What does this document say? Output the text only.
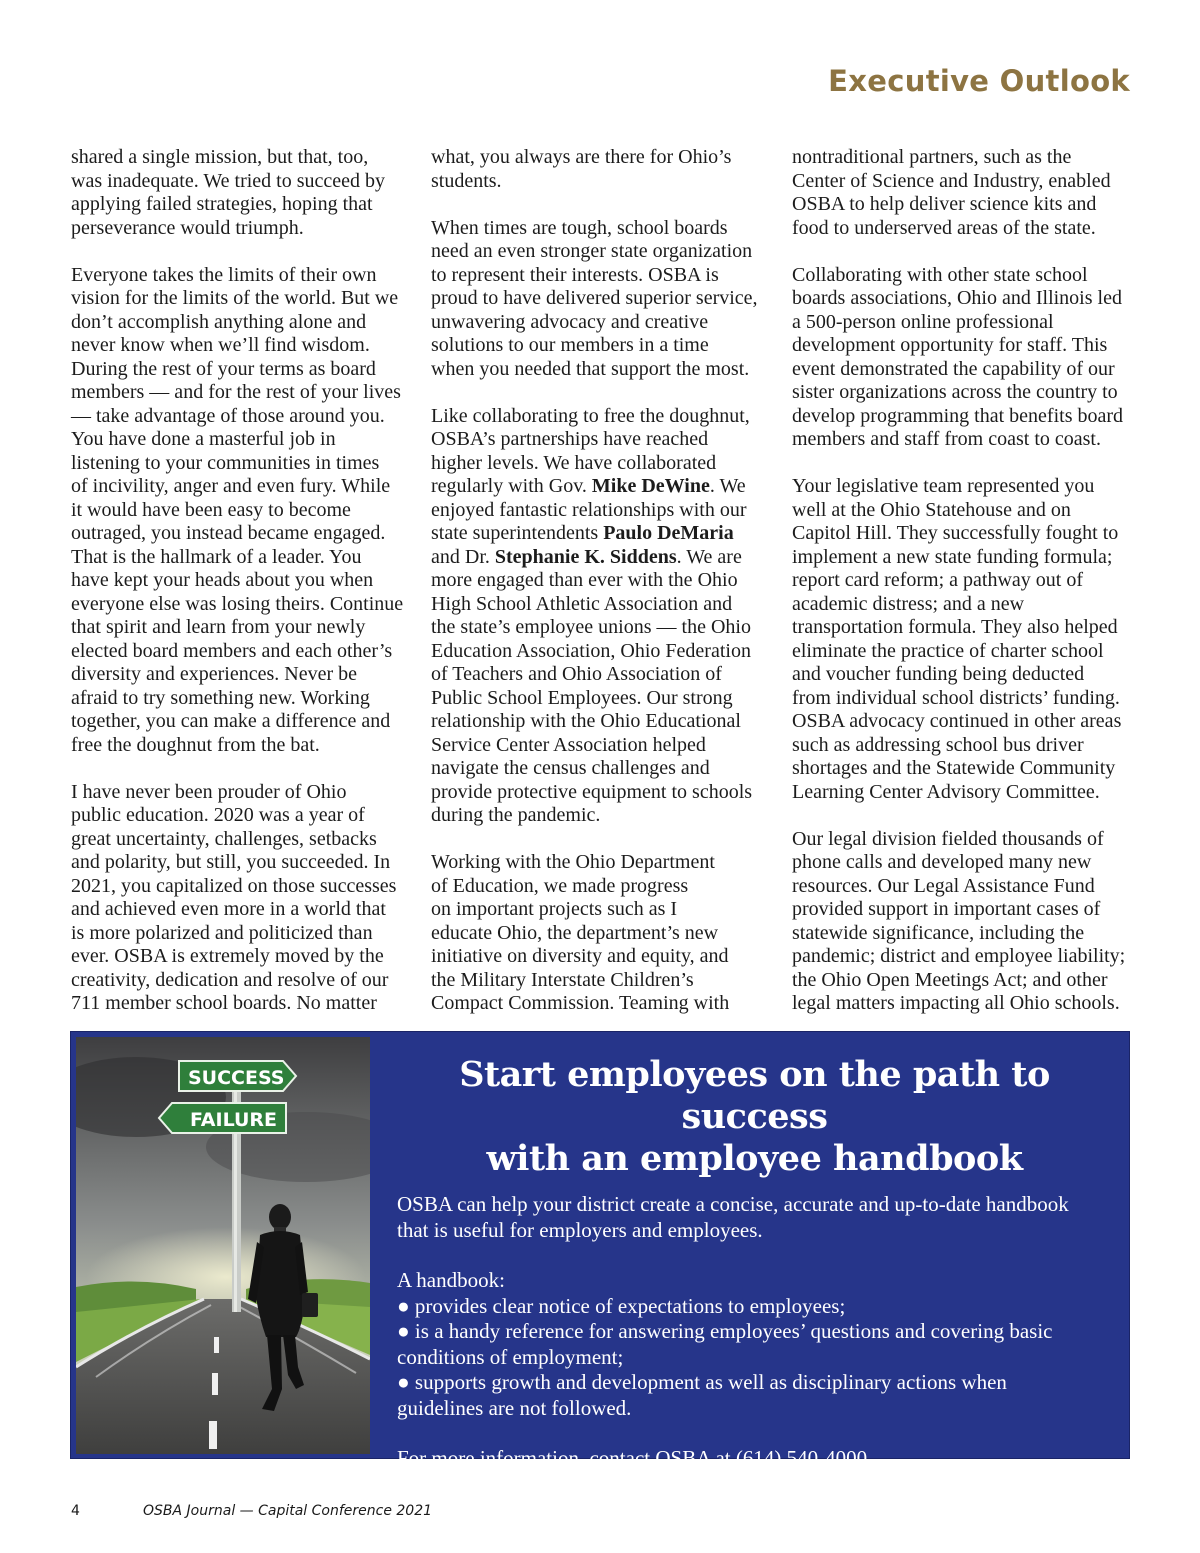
Executive Outlook

shared a single mission, but that, too,
was inadequate. We tried to succeed by
applying failed strategies, hoping that
perseverance would triumph.

Everyone takes the limits of their own
vision for the limits of the world. But we
don’t accomplish anything alone and
never know when we’ll find wisdom.
During the rest of your terms as board
members — and for the rest of your lives
— take advantage of those around you.
You have done a masterful job in
listening to your communities in times
of incivility, anger and even fury. While
it would have been easy to become
outraged, you instead became engaged.
That is the hallmark of a leader. You
have kept your heads about you when
everyone else was losing theirs. Continue
that spirit and learn from your newly
elected board members and each other’s
diversity and experiences. Never be
afraid to try something new. Working
together, you can make a difference and
free the doughnut from the bat.

I have never been prouder of Ohio
public education. 2020 was a year of
great uncertainty, challenges, setbacks
and polarity, but still, you succeeded. In
2021, you capitalized on those successes
and achieved even more in a world that
is more polarized and politicized than
ever. OSBA is extremely moved by the
creativity, dedication and resolve of our
711 member school boards. No matter

what, you always are there for Ohio’s
students.

When times are tough, school boards
need an even stronger state organization
to represent their interests. OSBA is
proud to have delivered superior service,
unwavering advocacy and creative
solutions to our members in a time
when you needed that support the most.

Like collaborating to free the doughnut,
OSBA’s partnerships have reached
higher levels. We have collaborated
regularly with Gov. Mike DeWine. We
enjoyed fantastic relationships with our
state superintendents Paulo DeMaria
and Dr. Stephanie K. Siddens. We are
more engaged than ever with the Ohio
High School Athletic Association and
the state’s employee unions — the Ohio
Education Association, Ohio Federation
of Teachers and Ohio Association of
Public School Employees. Our strong
relationship with the Ohio Educational
Service Center Association helped
navigate the census challenges and
provide protective equipment to schools
during the pandemic.

Working with the Ohio Department
of Education, we made progress
on important projects such as I
educate Ohio, the department’s new
initiative on diversity and equity, and
the Military Interstate Children’s
Compact Commission. Teaming with

nontraditional partners, such as the
Center of Science and Industry, enabled
OSBA to help deliver science kits and
food to underserved areas of the state.

Collaborating with other state school
boards associations, Ohio and Illinois led
a 500-person online professional
development opportunity for staff. This
event demonstrated the capability of our
sister organizations across the country to
develop programming that benefits board
members and staff from coast to coast.

Your legislative team represented you
well at the Ohio Statehouse and on
Capitol Hill. They successfully fought to
implement a new state funding formula;
report card reform; a pathway out of
academic distress; and a new
transportation formula. They also helped
eliminate the practice of charter school
and voucher funding being deducted
from individual school districts’ funding.
OSBA advocacy continued in other areas
such as addressing school bus driver
shortages and the Statewide Community
Learning Center Advisory Committee.

Our legal division fielded thousands of
phone calls and developed many new
resources. Our Legal Assistance Fund
provided support in important cases of
statewide significance, including the
pandemic; district and employee liability;
the Ohio Open Meetings Act; and other
legal matters impacting all Ohio schools.

SUCCESS
FAILURE
Start employees on the path to success
with an employee handbook

OSBA can help your district create a concise, accurate and up-to-date handbook
that is useful for employers and employees.

A handbook:
● provides clear notice of expectations to employees;
● is a handy reference for answering employees’ questions and covering basic
conditions of employment;
● supports growth and development as well as disciplinary actions when
guidelines are not followed.

For more information, contact OSBA at (614) 540-4000.

4	OSBA Journal — Capital Conference 2021
